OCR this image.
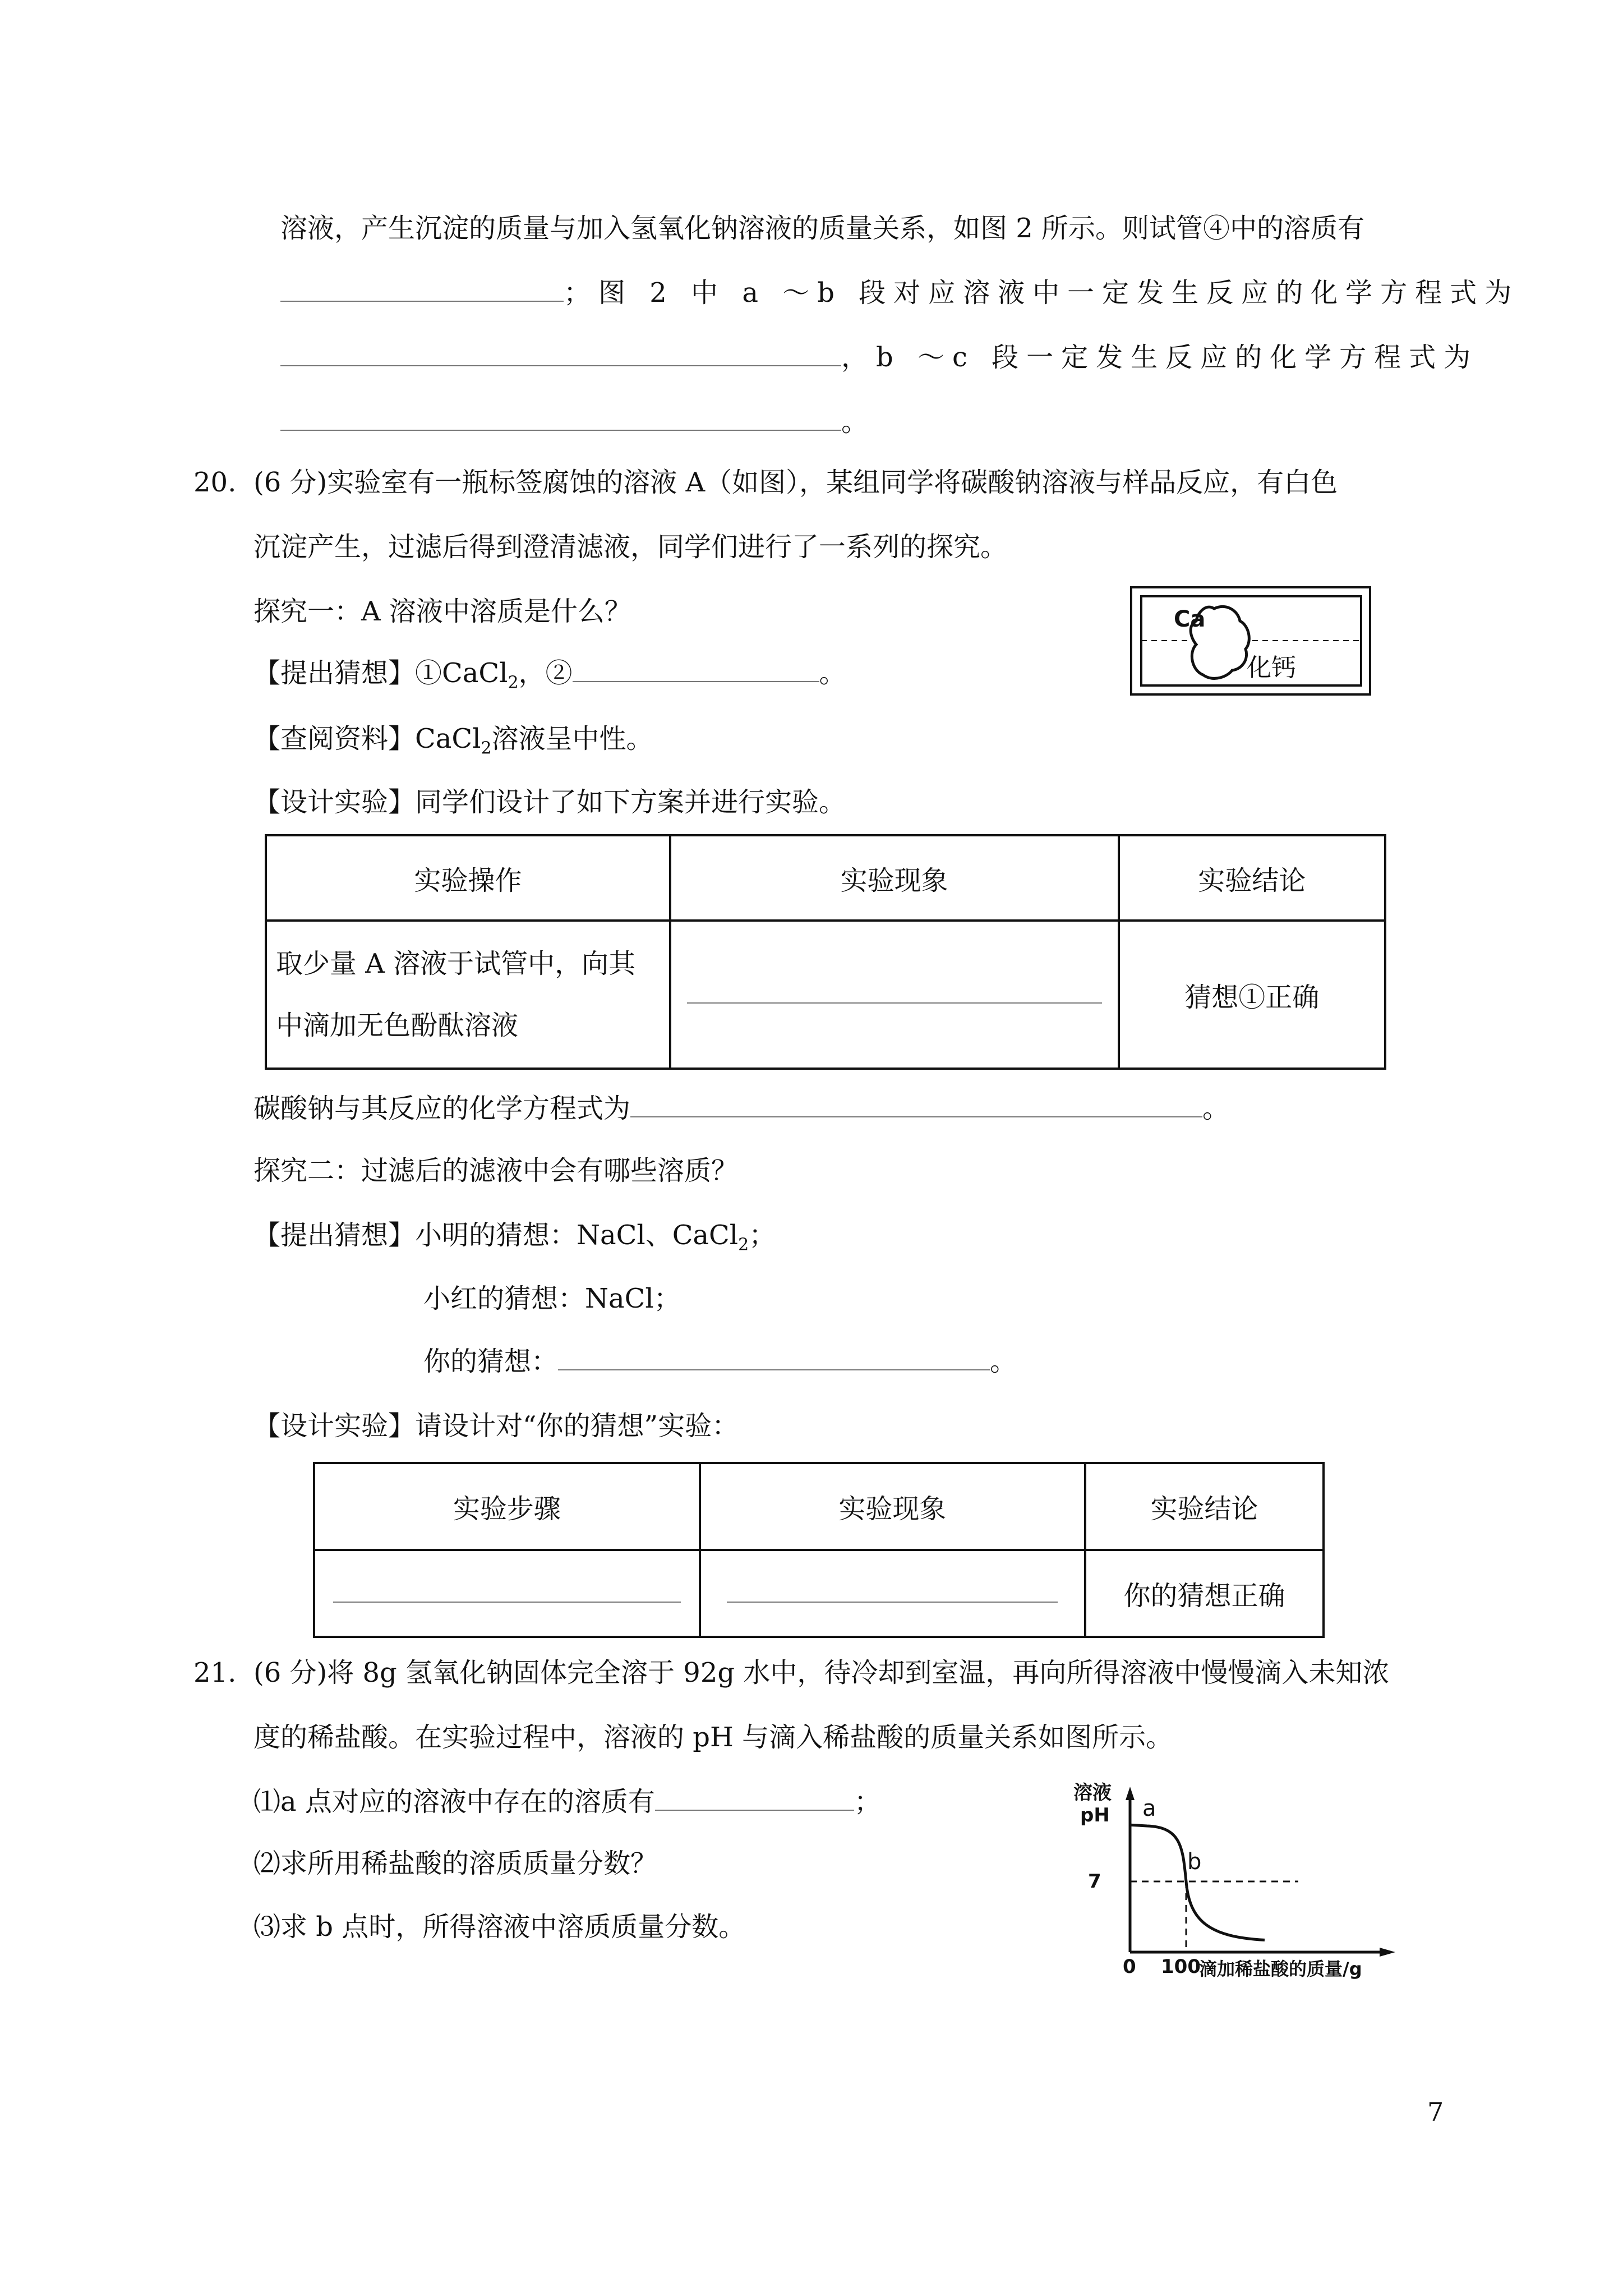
溶液，产生沉淀的质量与加入氢氧化钠溶液的质量关系，如图 2 所示。则试管④中的溶质有
；图 2 中 a ～b 段对应溶液中一定发生反应的化学方程式为
，b ～c 段一定发生反应的化学方程式为
。
20. (6 分)实验室有一瓶标签腐蚀的溶液 A（如图），某组同学将碳酸钠溶液与样品反应，有白色
沉淀产生，过滤后得到澄清滤液，同学们进行了一系列的探究。
探究一：A 溶液中溶质是什么？	Ca
化钙
【提出猜想】①CaCl$_2$，②	。
【查阅资料】CaCl$_2$溶液呈中性。
【设计实验】同学们设计了如下方案并进行实验。
实验操作	实验现象	实验结论

取少量 A 溶液于试管中，向其
中滴加无色酚酞溶液		猜想①正确
碳酸钠与其反应的化学方程式为	。
探究二：过滤后的滤液中会有哪些溶质？
【提出猜想】小明的猜想：NaCl、CaCl$_2$；
小红的猜想：NaCl；
你的猜想：	。
【设计实验】请设计对“你的猜想”实验：
实验步骤	实验现象	实验结论
		你的猜想正确
21. (6 分)将 8g 氢氧化钠固体完全溶于 92g 水中，待冷却到室温，再向所得溶液中慢慢滴入未知浓
度的稀盐酸。在实验过程中，溶液的 pH 与滴入稀盐酸的质量关系如图所示。
⑴a 点对应的溶液中存在的溶质有	；
⑵求所用稀盐酸的溶质质量分数？
⑶求 b 点时，所得溶液中溶质质量分数。
溶液
pH
7
0 100
滴加稀盐酸的质量/g
a
b
7
